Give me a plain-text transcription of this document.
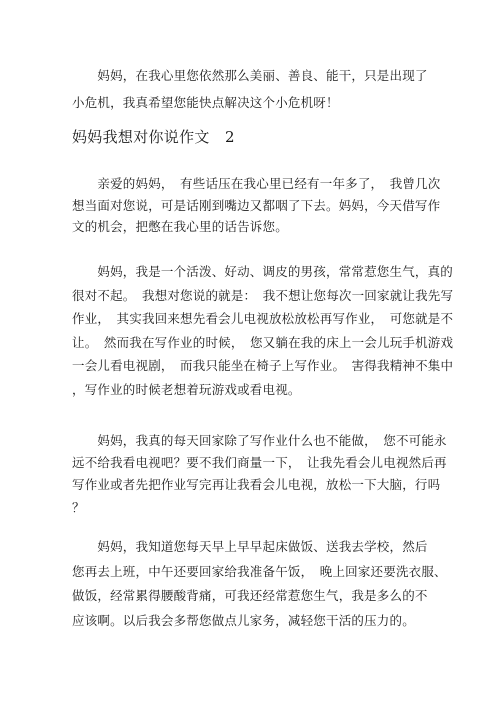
　　妈妈，在我心里您依然那么美丽、善良、能干，只是出现了
小危机，我真希望您能快点解决这个小危机呀！
妈妈我想对你说作文　2
　　亲爱的妈妈，　有些话压在我心里已经有一年多了，　我曾几次
想当面对您说，可是话刚到嘴边又都咽了下去。妈妈，今天借写作
文的机会，把憋在我心里的话告诉您。
　　妈妈，我是一个活泼、好动、调皮的男孩，常常惹您生气，真的
很对不起。　我想对您说的就是：　我不想让您每次一回家就让我先写
作业，　其实我回来想先看会儿电视放松放松再写作业，　可您就是不
让。　然而我在写作业的时候，　您又躺在我的床上一会儿玩手机游戏
一会儿看电视剧，　而我只能坐在椅子上写作业。　害得我精神不集中
，写作业的时候老想着玩游戏或看电视。
　　妈妈，我真的每天回家除了写作业什么也不能做，　您不可能永
远不给我看电视吧？要不我们商量一下，　让我先看会儿电视然后再
写作业或者先把作业写完再让我看会儿电视，放松一下大脑，行吗
？
　　妈妈，我知道您每天早上早早起床做饭、送我去学校，然后
您再去上班，中午还要回家给我准备午饭，　晚上回家还要洗衣服、
做饭，经常累得腰酸背痛，可我还经常惹您生气，我是多么的不
应该啊。以后我会多帮您做点儿家务，减轻您干活的压力的。
